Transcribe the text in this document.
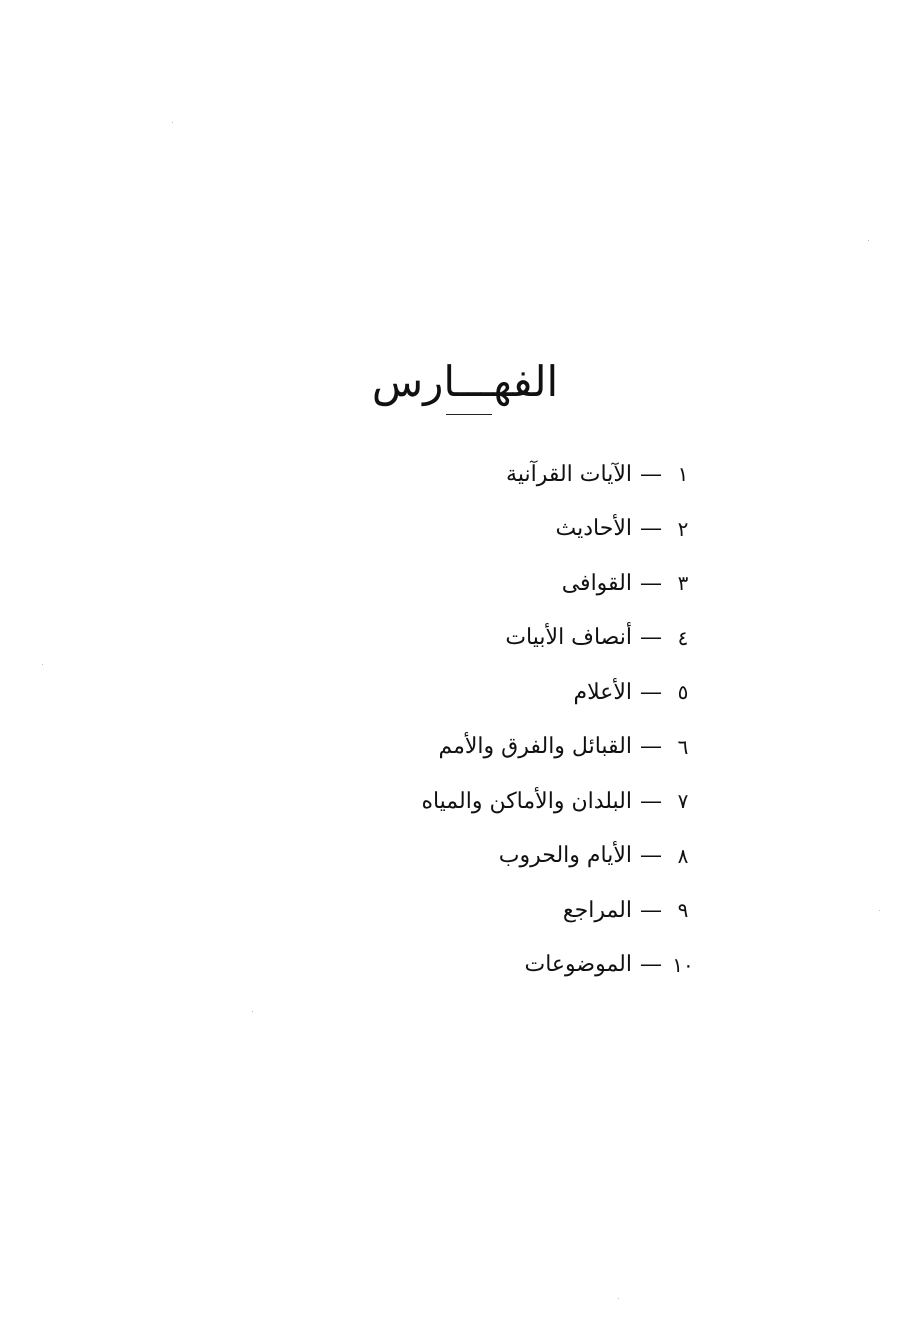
الفهـــارس
١
—
الآيات القرآنية
٢
—
الأحاديث
٣
—
القوافى
٤
—
أنصاف الأبيات
٥
—
الأعلام
٦
—
القبائل والفرق والأمم
٧
—
البلدان والأماكن والمياه
٨
—
الأيام والحروب
٩
—
المراجع
١٠
—
الموضوعات
